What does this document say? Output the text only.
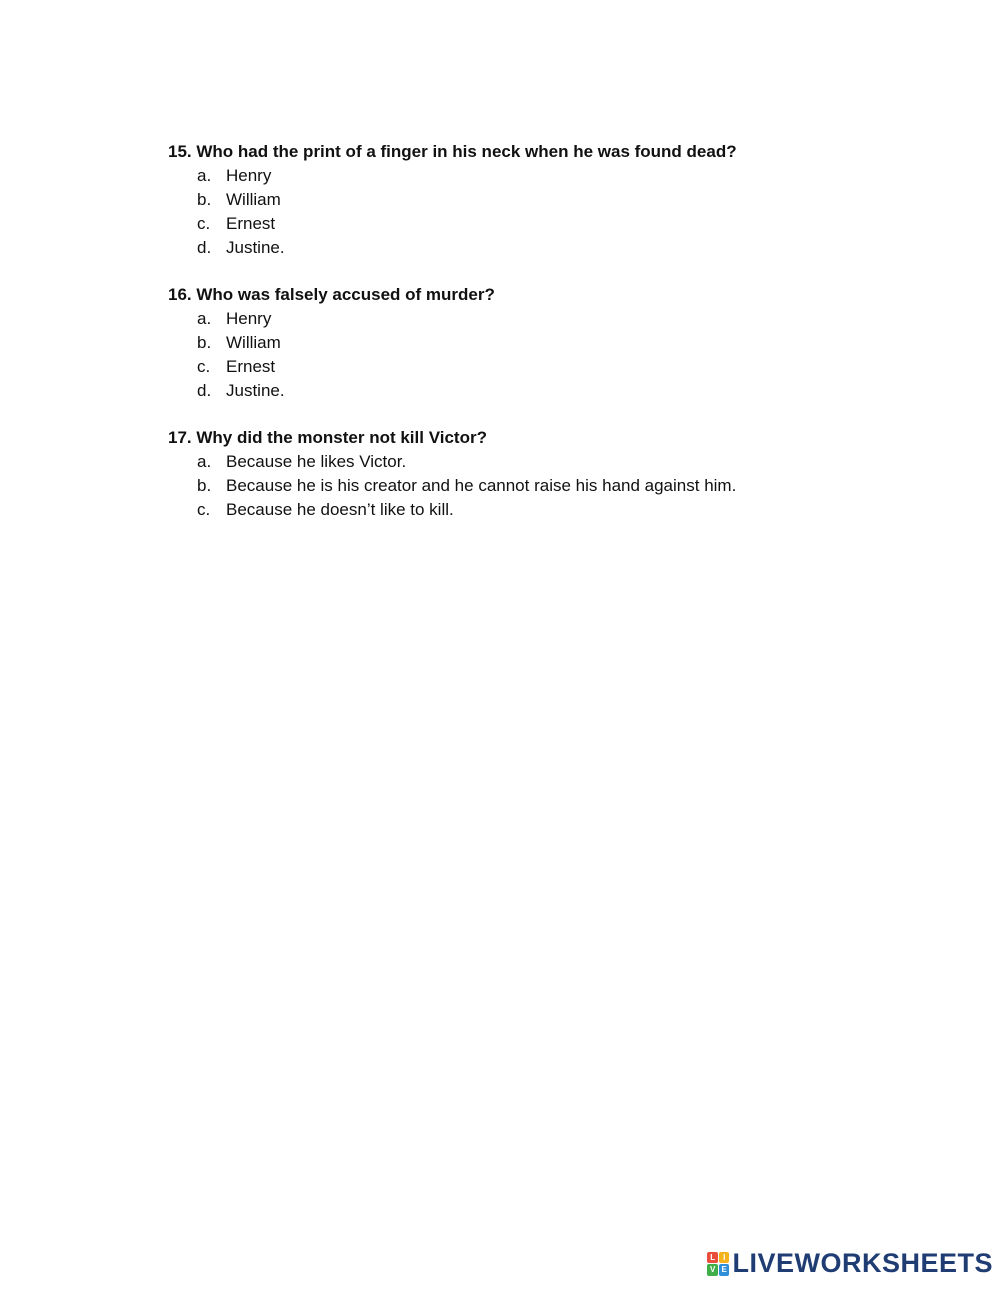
15. Who had the print of a finger in his neck when he was found dead?

a. Henry
b. William
c. Ernest
d. Justine.

16. Who was falsely accused of murder?

a. Henry
b. William
c. Ernest
d. Justine.

17. Why did the monster not kill Victor?

a. Because he likes Victor.
b. Because he is his creator and he cannot raise his hand against him.
c. Because he doesn’t like to kill.
L I
V E LIVEWORKSHEETS
